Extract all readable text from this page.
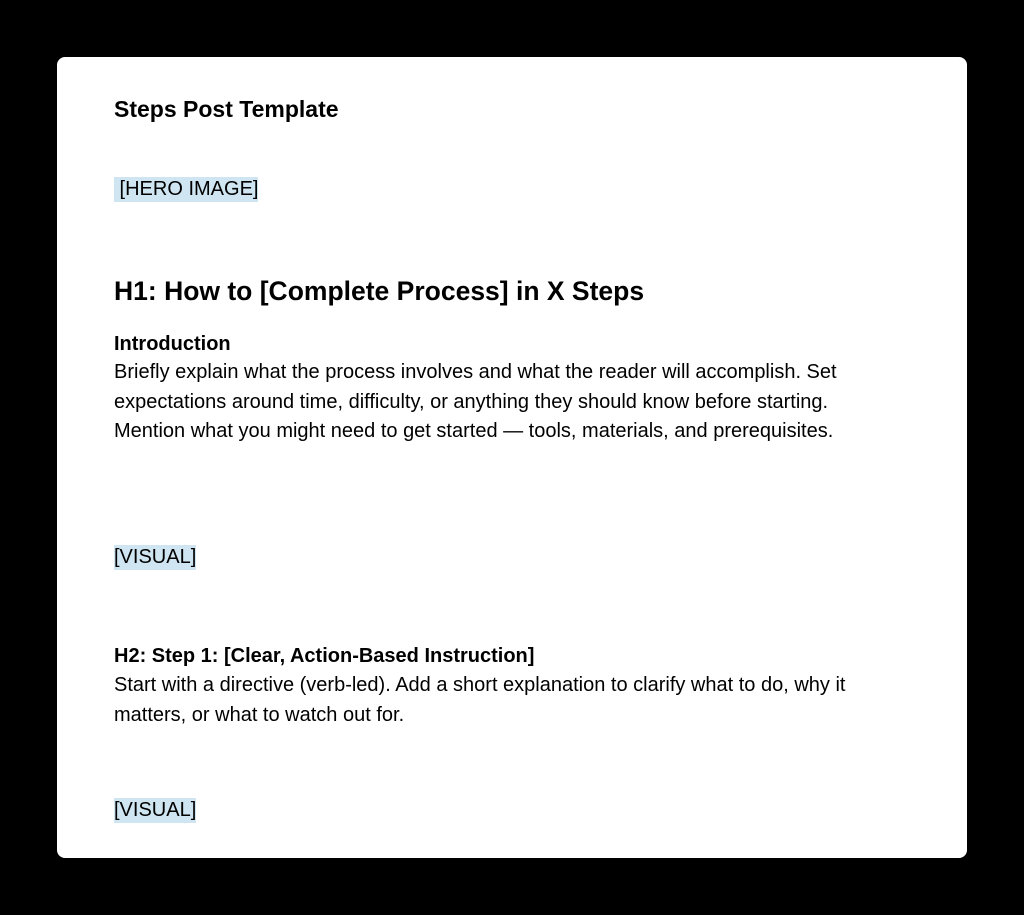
Steps Post Template
[HERO IMAGE]
H1: How to [Complete Process] in X Steps
Introduction

Briefly explain what the process involves and what the reader will accomplish. Set expectations around time, difficulty, or anything they should know before starting. Mention what you might need to get started — tools, materials, and prerequisites.

[VISUAL]
H2: Step 1: [Clear, Action-Based Instruction]

Start with a directive (verb-led). Add a short explanation to clarify what to do, why it matters, or what to watch out for.

[VISUAL]
